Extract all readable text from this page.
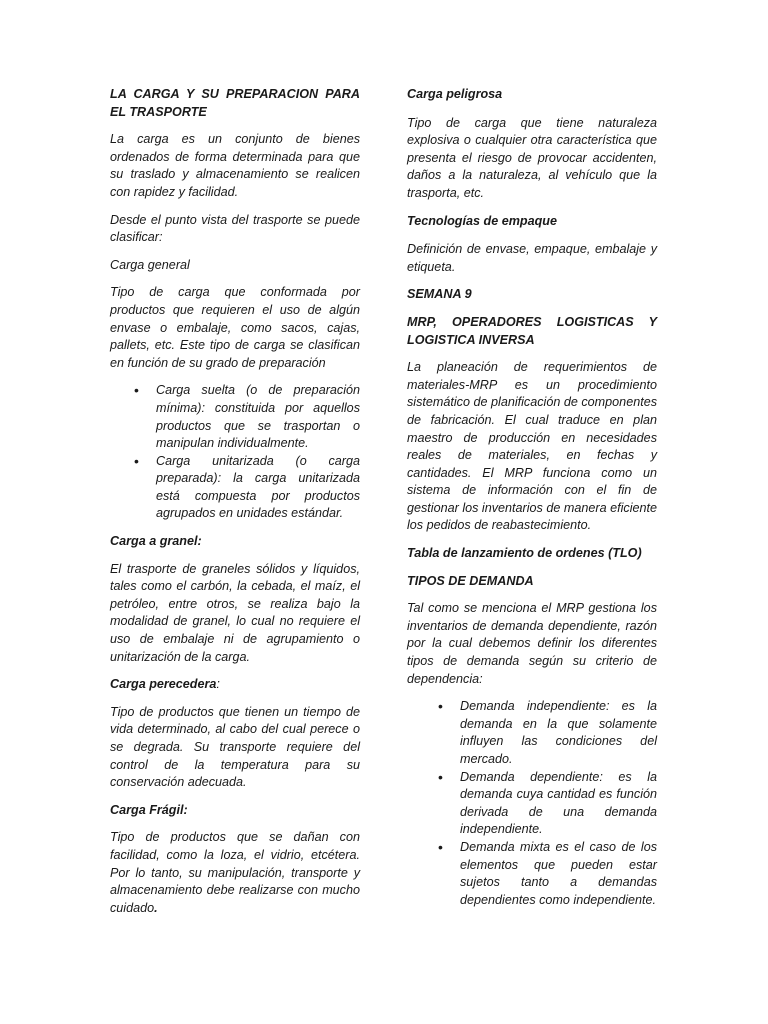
LA CARGA Y SU PREPARACION PARA EL TRASPORTE

La carga es un conjunto de bienes ordenados de forma determinada para que su traslado y almacenamiento se realicen con rapidez y facilidad.

Desde el punto vista del trasporte se puede clasificar:

Carga general

Tipo de carga que conformada por productos que requieren el uso de algún envase o embalaje, como sacos, cajas, pallets, etc. Este tipo de carga se clasifican en función de su grado de preparación

• Carga suelta (o de preparación mínima): constituida por aquellos productos que se trasportan o manipulan individualmente.
• Carga unitarizada (o carga preparada): la carga unitarizada está compuesta por productos agrupados en unidades estándar.

Carga a granel:

El trasporte de graneles sólidos y líquidos, tales como el carbón, la cebada, el maíz, el petróleo, entre otros, se realiza bajo la modalidad de granel, lo cual no requiere el uso de embalaje ni de agrupamiento o unitarización de la carga.

Carga perecedera:

Tipo de productos que tienen un tiempo de vida determinado, al cabo del cual perece o se degrada. Su transporte requiere del control de la temperatura para su conservación adecuada.

Carga Frágil:

Tipo de productos que se dañan con facilidad, como la loza, el vidrio, etcétera. Por lo tanto, su manipulación, transporte y almacenamiento debe realizarse con mucho cuidado.

Carga peligrosa

Tipo de carga que tiene naturaleza explosiva o cualquier otra característica que presenta el riesgo de provocar accidenten, daños a la naturaleza, al vehículo que la trasporta, etc.

Tecnologías de empaque

Definición de envase, empaque, embalaje y etiqueta.

SEMANA 9

MRP, OPERADORES LOGISTICAS Y LOGISTICA INVERSA

La planeación de requerimientos de materiales-MRP es un procedimiento sistemático de planificación de componentes de fabricación. El cual traduce en plan maestro de producción en necesidades reales de materiales, en fechas y cantidades. El MRP funciona como un sistema de información con el fin de gestionar los inventarios de manera eficiente los pedidos de reabastecimiento.

Tabla de lanzamiento de ordenes (TLO)

TIPOS DE DEMANDA

Tal como se menciona el MRP gestiona los inventarios de demanda dependiente, razón por la cual debemos definir los diferentes tipos de demanda según su criterio de dependencia:

• Demanda independiente: es la demanda en la que solamente influyen las condiciones del mercado.
• Demanda dependiente: es la demanda cuya cantidad es función derivada de una demanda independiente.
• Demanda mixta es el caso de los elementos que pueden estar sujetos tanto a demandas dependientes como independiente.
